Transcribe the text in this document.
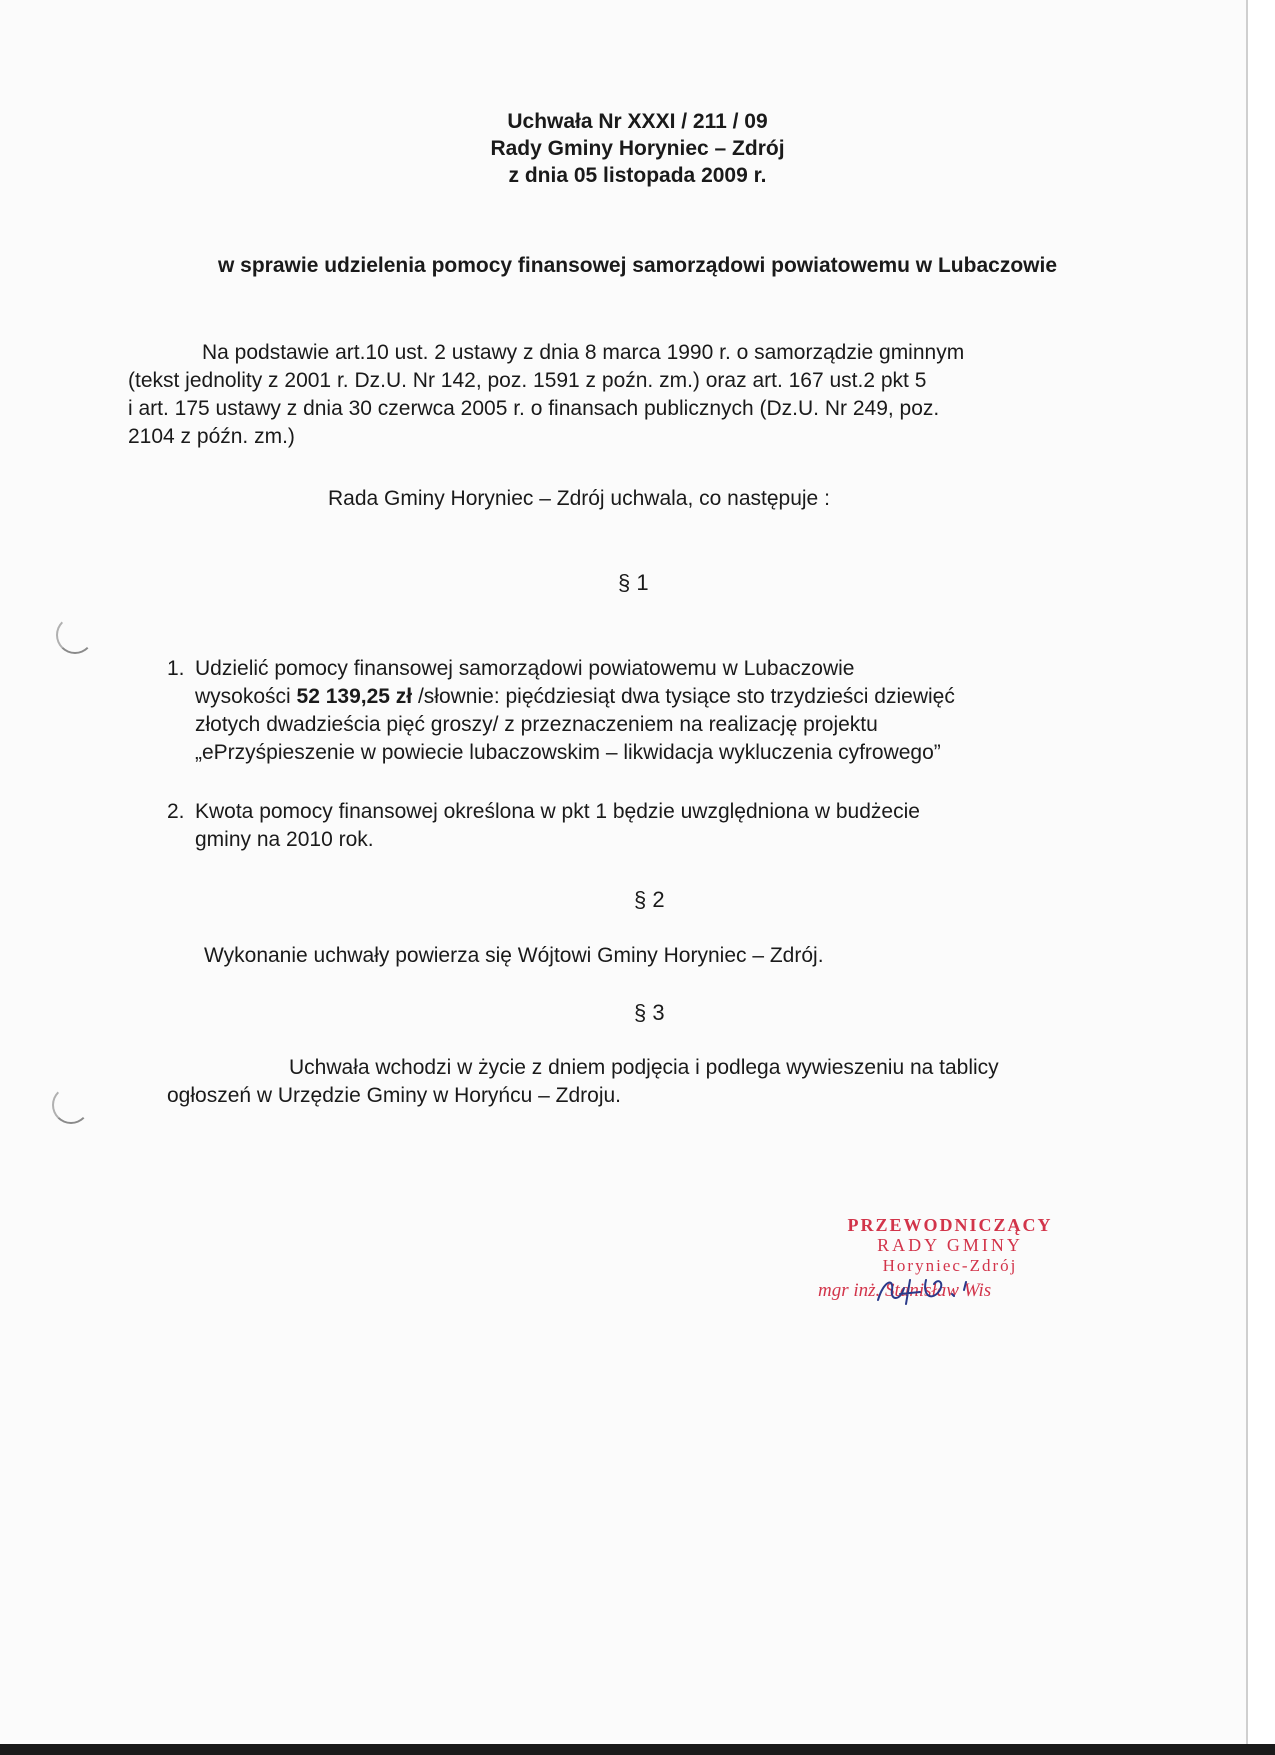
Uchwała Nr XXXI / 211 / 09
Rady Gminy Horyniec – Zdrój
z dnia 05 listopada 2009 r.
w sprawie udzielenia pomocy finansowej samorządowi powiatowemu w Lubaczowie
Na podstawie art.10 ust. 2 ustawy z dnia 8 marca 1990 r. o samorządzie gminnym
(tekst jednolity z 2001 r. Dz.U. Nr 142, poz. 1591 z poźn. zm.) oraz art. 167 ust.2 pkt 5
i art. 175 ustawy z dnia 30 czerwca 2005 r. o finansach publicznych (Dz.U. Nr 249, poz.
2104 z późn. zm.)
Rada Gminy Horyniec – Zdrój uchwala, co następuje :
§ 1
1. Udzielić pomocy finansowej samorządowi powiatowemu w Lubaczowie
wysokości 52 139,25 zł /słownie: pięćdziesiąt dwa tysiące sto trzydzieści dziewięć
złotych dwadzieścia pięć groszy/ z przeznaczeniem na realizację projektu
„ePrzyśpieszenie w powiecie lubaczowskim – likwidacja wykluczenia cyfrowego”
2. Kwota pomocy finansowej określona w pkt 1 będzie uwzględniona w budżecie
gminy na 2010 rok.
§ 2
Wykonanie uchwały powierza się Wójtowi Gminy Horyniec – Zdrój.
§ 3
Uchwała wchodzi w życie z dniem podjęcia i podlega wywieszeniu na tablicy
ogłoszeń w Urzędzie Gminy w Horyńcu – Zdroju.
PRZEWODNICZĄCY
RADY GMINY
Horyniec-Zdrój
mgr inż. Stanisław Wis
